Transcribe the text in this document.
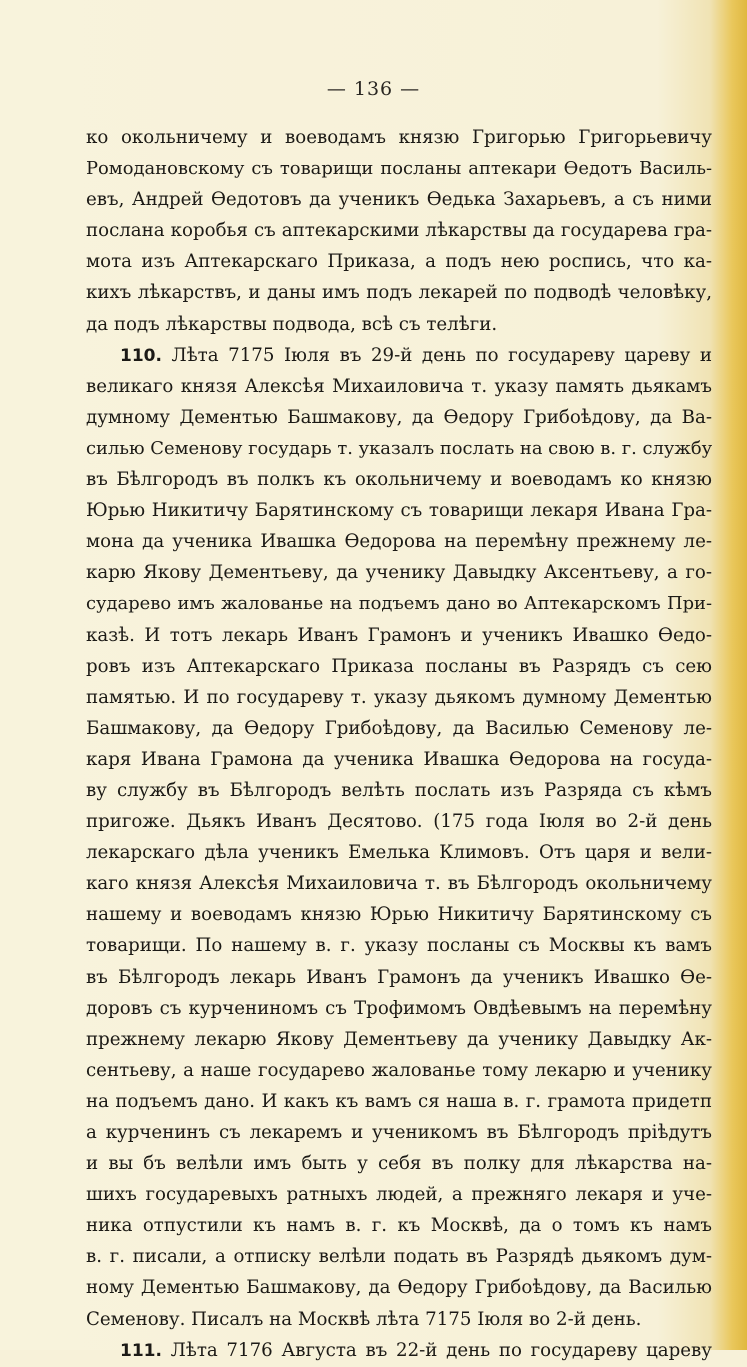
— 136 —
ко окольничему и воеводамъ князю Григорью Григорьевичу
Ромодановскому съ товарищи посланы аптекари Ѳедотъ Василь-
евъ, Андрей Ѳедотовъ да ученикъ Ѳедька Захарьевъ, а съ ними
послана коробья съ аптекарскими лѣкарствы да государева гра-
мота изъ Аптекарскаго Приказа, а подъ нею роспись, что ка-
кихъ лѣкарствъ, и даны имъ подъ лекарей по подводѣ человѣку,
да подъ лѣкарствы подвода, всѣ съ телѣги.
110. Лѣта 7175 Іюля въ 29-й день по государеву цареву и
великаго князя Алексѣя Михаиловича т. указу память дьякамъ
думному Дементью Башмакову, да Ѳедору Грибоѣдову, да Ва-
силью Семенову государь т. указалъ послать на свою в. г. службу
въ Бѣлгородъ въ полкъ къ окольничему и воеводамъ ко князю
Юрью Никитичу Барятинскому съ товарищи лекаря Ивана Гра-
мона да ученика Ивашка Ѳедорова на перемѣну прежнему ле-
карю Якову Дементьеву, да ученику Давыдку Аксентьеву, а го-
сударево имъ жалованье на подъемъ дано во Аптекарскомъ При-
казѣ. И тотъ лекарь Иванъ Грамонъ и ученикъ Ивашко Ѳедо-
ровъ изъ Аптекарскаго Приказа посланы въ Разрядъ съ сею
памятью. И по государеву т. указу дьякомъ думному Дементью
Башмакову, да Ѳедору Грибоѣдову, да Василью Семенову ле-
каря Ивана Грамона да ученика Ивашка Ѳедорова на госуда-
ву службу въ Бѣлгородъ велѣть послать изъ Разряда съ кѣмъ
пригоже. Дьякъ Иванъ Десятово. (175 года Іюля во 2-й день
лекарскаго дѣла ученикъ Емелька Климовъ. Отъ царя и вели-
каго князя Алексѣя Михаиловича т. въ Бѣлгородъ окольничему
нашему и воеводамъ князю Юрью Никитичу Барятинскому съ
товарищи. По нашему в. г. указу посланы съ Москвы къ вамъ
въ Бѣлгородъ лекарь Иванъ Грамонъ да ученикъ Ивашко Ѳе-
доровъ съ курчениномъ съ Трофимомъ Овдѣевымъ на перемѣну
прежнему лекарю Якову Дементьеву да ученику Давыдку Ак-
сентьеву, а наше государево жалованье тому лекарю и ученику
на подъемъ дано. И какъ къ вамъ ся наша в. г. грамота придетп
а курченинъ съ лекаремъ и ученикомъ въ Бѣлгородъ пріѣдутъ
и вы бъ велѣли имъ быть у себя въ полку для лѣкарства на-
шихъ государевыхъ ратныхъ людей, а прежняго лекаря и уче-
ника отпустили къ намъ в. г. къ Москвѣ, да о томъ къ намъ
в. г. писали, а отписку велѣли подать въ Разрядѣ дьякомъ дум-
ному Дементью Башмакову, да Ѳедору Грибоѣдову, да Василью
Семенову. Писалъ на Москвѣ лѣта 7175 Іюля во 2-й день.
111. Лѣта 7176 Августа въ 22-й день по государеву цареву
